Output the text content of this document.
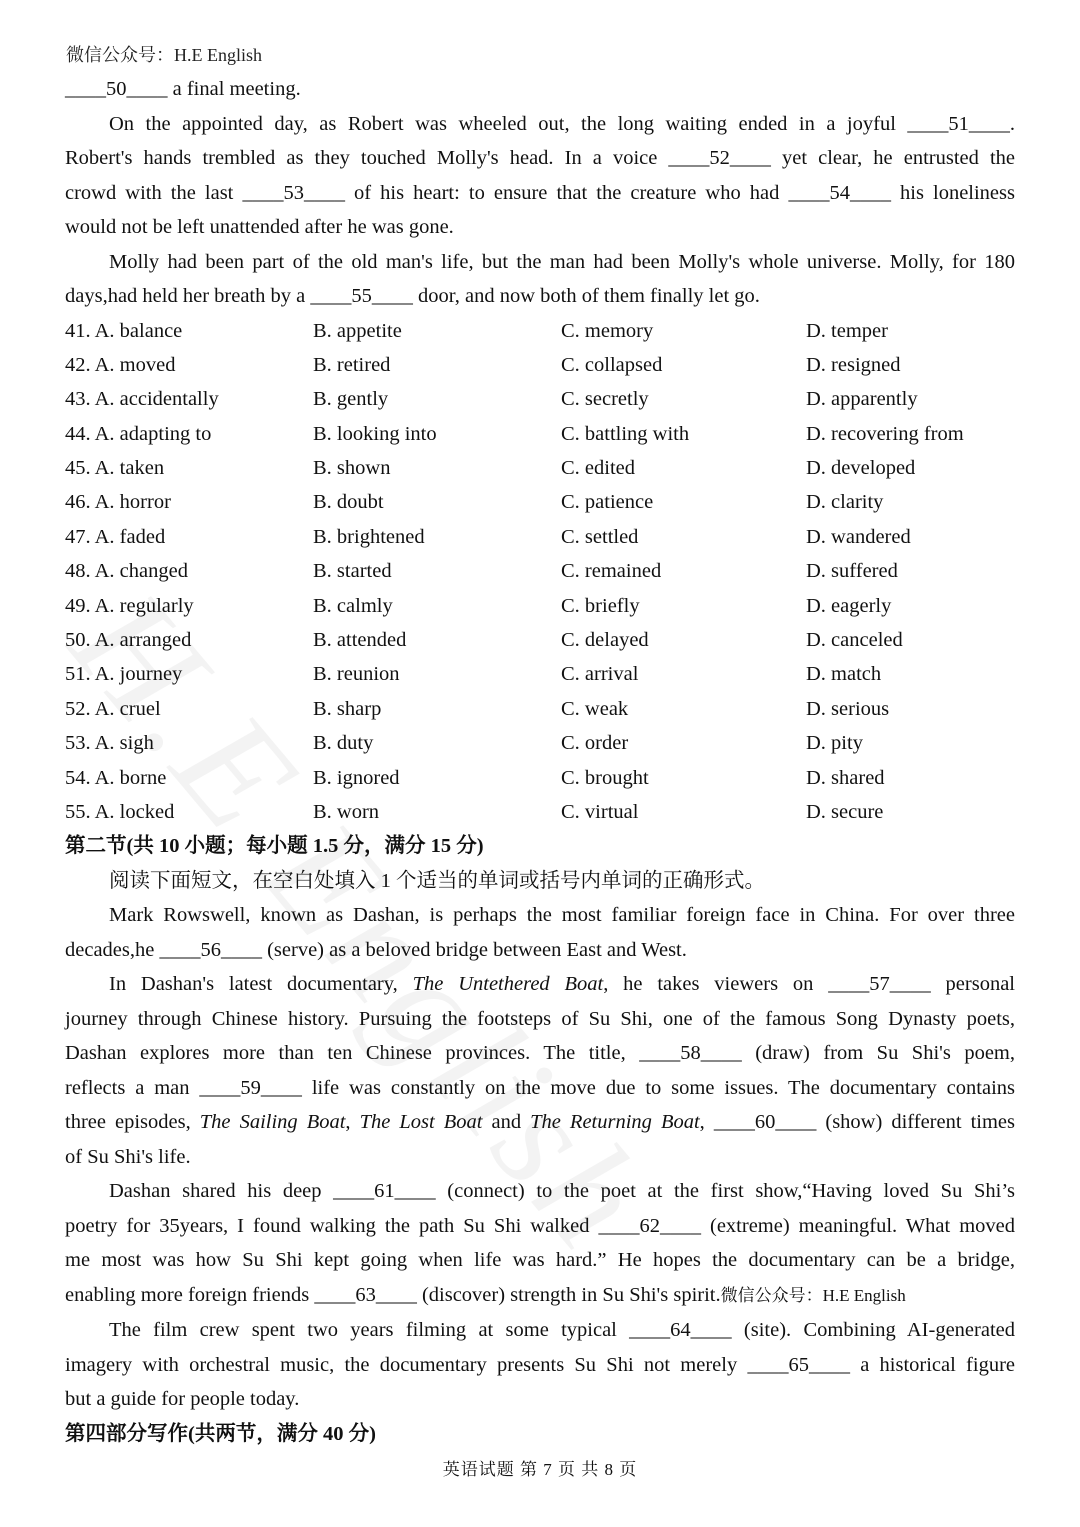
微信公众号：H.E English
____50____ a final meeting.
On the appointed day, as Robert was wheeled out, the long waiting ended in a joyful ____51____.
Robert's hands trembled as they touched Molly's head. In a voice ____52____ yet clear, he entrusted the
crowd with the last ____53____ of his heart: to ensure that the creature who had ____54____ his loneliness
would not be left unattended after he was gone.
Molly had been part of the old man's life, but the man had been Molly's whole universe. Molly, for 180
days,had held her breath by a ____55____ door, and now both of them finally let go.
41. A. balance	B. appetite	C. memory	D. temper
42. A. moved	B. retired	C. collapsed	D. resigned
43. A. accidentally	B. gently	C. secretly	D. apparently
44. A. adapting to	B. looking into	C. battling with	D. recovering from
45. A. taken	B. shown	C. edited	D. developed
46. A. horror	B. doubt	C. patience	D. clarity
47. A. faded	B. brightened	C. settled	D. wandered
48. A. changed	B. started	C. remained	D. suffered
49. A. regularly	B. calmly	C. briefly	D. eagerly
50. A. arranged	B. attended	C. delayed	D. canceled
51. A. journey	B. reunion	C. arrival	D. match
52. A. cruel	B. sharp	C. weak	D. serious
53. A. sigh	B. duty	C. order	D. pity
54. A. borne	B. ignored	C. brought	D. shared
55. A. locked	B. worn	C. virtual	D. secure
第二节(共 10 小题；每小题 1.5 分，满分 15 分)
阅读下面短文，在空白处填入 1 个适当的单词或括号内单词的正确形式。
Mark Rowswell, known as Dashan, is perhaps the most familiar foreign face in China. For over three
decades,he ____56____ (serve) as a beloved bridge between East and West.
In Dashan's latest documentary, The Untethered Boat, he takes viewers on ____57____ personal
journey through Chinese history. Pursuing the footsteps of Su Shi, one of the famous Song Dynasty poets,
Dashan explores more than ten Chinese provinces. The title, ____58____ (draw) from Su Shi's poem,
reflects a man ____59____ life was constantly on the move due to some issues. The documentary contains
three episodes, The Sailing Boat, The Lost Boat and The Returning Boat, ____60____ (show) different times
of Su Shi's life.
Dashan shared his deep ____61____ (connect) to the poet at the first show,“Having loved Su Shi’s
poetry for 35years, I found walking the path Su Shi walked ____62____ (extreme) meaningful. What moved
me most was how Su Shi kept going when life was hard.” He hopes the documentary can be a bridge,
enabling more foreign friends ____63____ (discover) strength in Su Shi's spirit.微信公众号：H.E English
The film crew spent two years filming at some typical ____64____ (site). Combining AI-generated
imagery with orchestral music, the documentary presents Su Shi not merely ____65____ a historical figure
but a guide for people today.
第四部分写作(共两节，满分 40 分)
英语试题 第 7 页 共 8 页
